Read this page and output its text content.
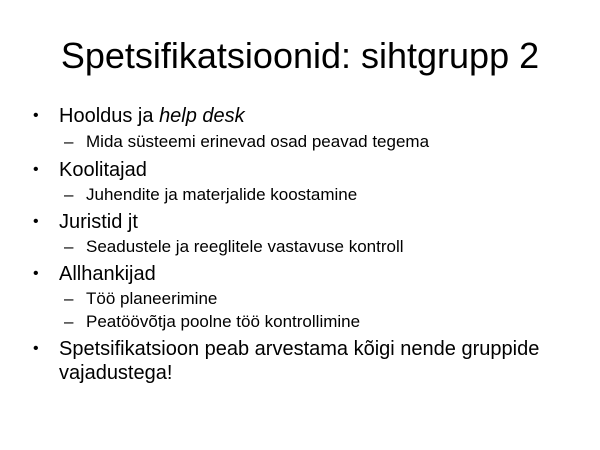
Spetsifikatsioonid: sihtgrupp 2
• Hooldus ja help desk
– Mida süsteemi erinevad osad peavad tegema
• Koolitajad
– Juhendite ja materjalide koostamine
• Juristid jt
– Seadustele ja reeglitele vastavuse kontroll
• Allhankijad
– Töö planeerimine
– Peatöövõtja poolne töö kontrollimine
• Spetsifikatsioon peab arvestama kõigi nende gruppide vajadustega!
